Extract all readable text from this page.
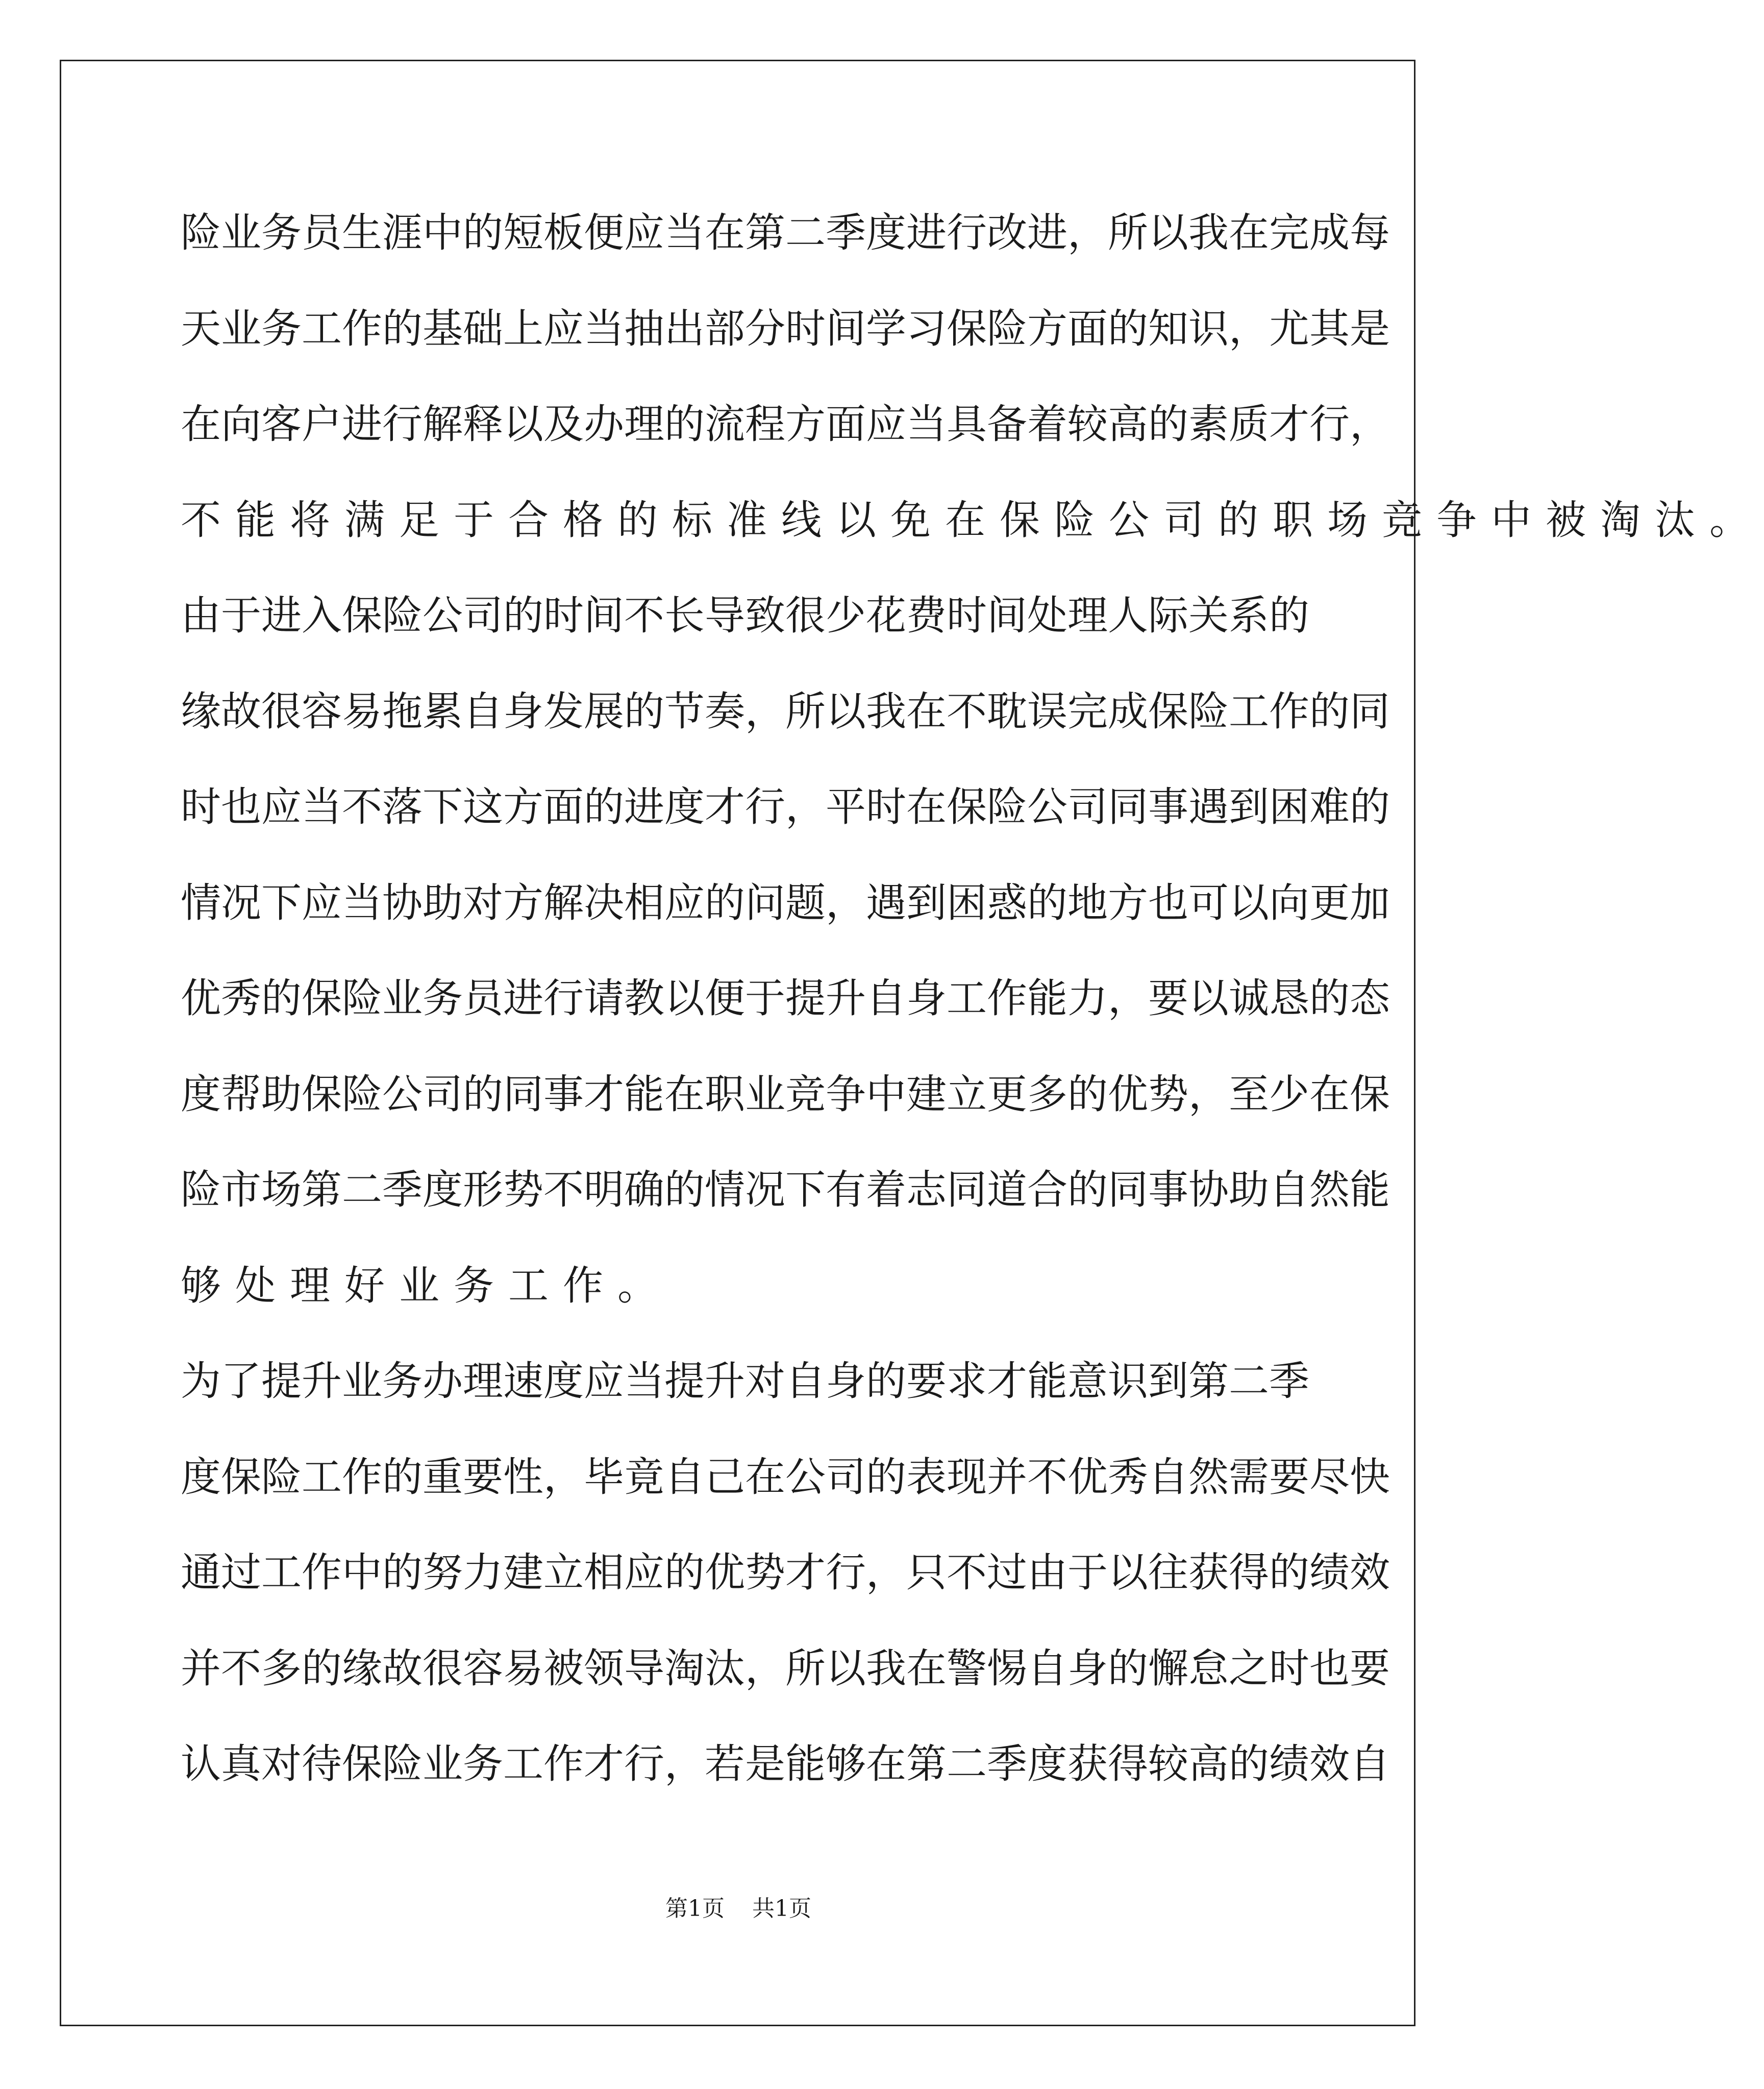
险 业 务 员 生 涯 中 的 短 板 便 应 当 在 第 二 季 度 进 行 改 进 ， 所 以 我 在 完 成 每
天 业 务 工 作 的 基 础 上 应 当 抽 出 部 分 时 间 学 习 保 险 方 面 的 知 识 ， 尤 其 是
在 向 客 户 进 行 解 释 以 及 办 理 的 流 程 方 面 应 当 具 备 着 较 高 的 素 质 才 行 ，
不 能 将 满 足 于 合 格 的 标 准 线 以 免 在 保 险 公 司 的 职 场 竞 争 中 被 淘 汰 。
由 于 进 入 保 险 公 司 的 时 间 不 长 导 致 很 少 花 费 时 间 处 理 人 际 关 系 的
缘 故 很 容 易 拖 累 自 身 发 展 的 节 奏 ， 所 以 我 在 不 耽 误 完 成 保 险 工 作 的 同
时 也 应 当 不 落 下 这 方 面 的 进 度 才 行 ， 平 时 在 保 险 公 司 同 事 遇 到 困 难 的
情 况 下 应 当 协 助 对 方 解 决 相 应 的 问 题 ， 遇 到 困 惑 的 地 方 也 可 以 向 更 加
优 秀 的 保 险 业 务 员 进 行 请 教 以 便 于 提 升 自 身 工 作 能 力 ， 要 以 诚 恳 的 态
度 帮 助 保 险 公 司 的 同 事 才 能 在 职 业 竞 争 中 建 立 更 多 的 优 势 ， 至 少 在 保
险 市 场 第 二 季 度 形 势 不 明 确 的 情 况 下 有 着 志 同 道 合 的 同 事 协 助 自 然 能
够 处 理 好 业 务 工 作 。
为 了 提 升 业 务 办 理 速 度 应 当 提 升 对 自 身 的 要 求 才 能 意 识 到 第 二 季
度 保 险 工 作 的 重 要 性 ， 毕 竟 自 己 在 公 司 的 表 现 并 不 优 秀 自 然 需 要 尽 快
通 过 工 作 中 的 努 力 建 立 相 应 的 优 势 才 行 ， 只 不 过 由 于 以 往 获 得 的 绩 效
并 不 多 的 缘 故 很 容 易 被 领 导 淘 汰 ， 所 以 我 在 警 惕 自 身 的 懈 怠 之 时 也 要
认 真 对 待 保 险 业 务 工 作 才 行 ， 若 是 能 够 在 第 二 季 度 获 得 较 高 的 绩 效 自
第1页 共1页
